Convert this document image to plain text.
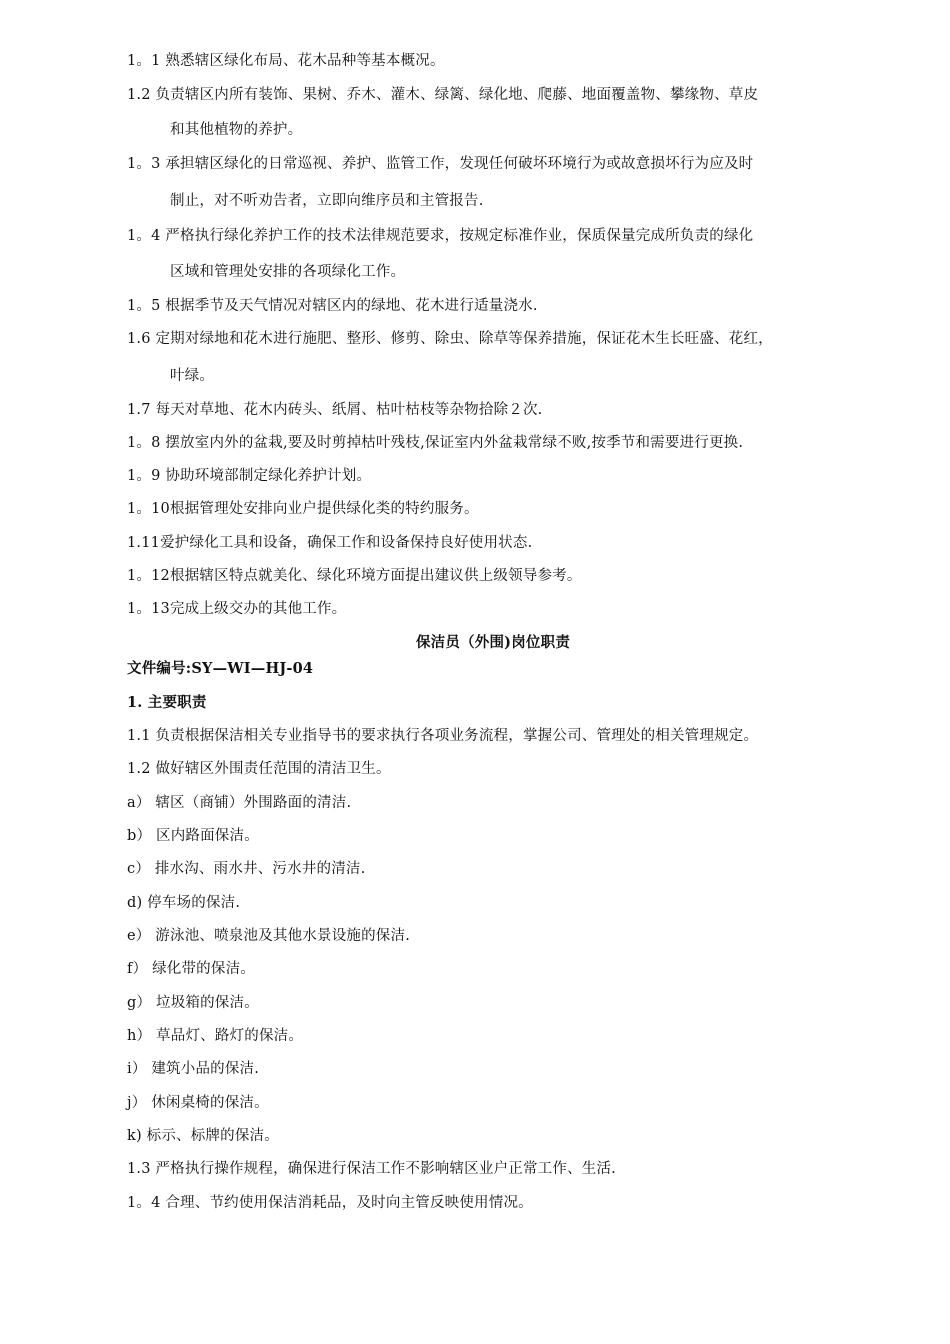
1。1 熟悉辖区绿化布局、花木品种等基本概况。
1.2 负责辖区内所有装饰、果树、乔木、灌木、绿篱、绿化地、爬藤、地面覆盖物、攀缘物、草皮
和其他植物的养护。
1。3 承担辖区绿化的日常巡视、养护、监管工作，发现任何破坏环境行为或故意损坏行为应及时
制止，对不听劝告者，立即向维序员和主管报告.
1。4 严格执行绿化养护工作的技术法律规范要求，按规定标准作业，保质保量完成所负责的绿化
区域和管理处安排的各项绿化工作。
1。5 根据季节及天气情况对辖区内的绿地、花木进行适量浇水.
1.6 定期对绿地和花木进行施肥、整形、修剪、除虫、除草等保养措施，保证花木生长旺盛、花红，
叶绿。
1.7 每天对草地、花木内砖头、纸屑、枯叶枯枝等杂物拾除２次.
1。8 摆放室内外的盆栽,要及时剪掉枯叶残枝,保证室内外盆栽常绿不败,按季节和需要进行更换.
1。9 协助环境部制定绿化养护计划。
1。10根据管理处安排向业户提供绿化类的特约服务。
1.11爱护绿化工具和设备，确保工作和设备保持良好使用状态.
1。12根据辖区特点就美化、绿化环境方面提出建议供上级领导参考。
1。13完成上级交办的其他工作。
保洁员（外围)岗位职责
文件编号:SY—WI—HJ-04
1. 主要职责
1.1 负责根据保洁相关专业指导书的要求执行各项业务流程，掌握公司、管理处的相关管理规定。
1.2 做好辖区外围责任范围的清洁卫生。
a） 辖区（商铺）外围路面的清洁.
b） 区内路面保洁。
c） 排水沟、雨水井、污水井的清洁.
d) 停车场的保洁.
e） 游泳池、喷泉池及其他水景设施的保洁.
f） 绿化带的保洁。
g） 垃圾箱的保洁。
h） 草品灯、路灯的保洁。
i） 建筑小品的保洁.
j） 休闲桌椅的保洁。
k) 标示、标牌的保洁。
1.3 严格执行操作规程，确保进行保洁工作不影响辖区业户正常工作、生活.
1。4 合理、节约使用保洁消耗品，及时向主管反映使用情况。
